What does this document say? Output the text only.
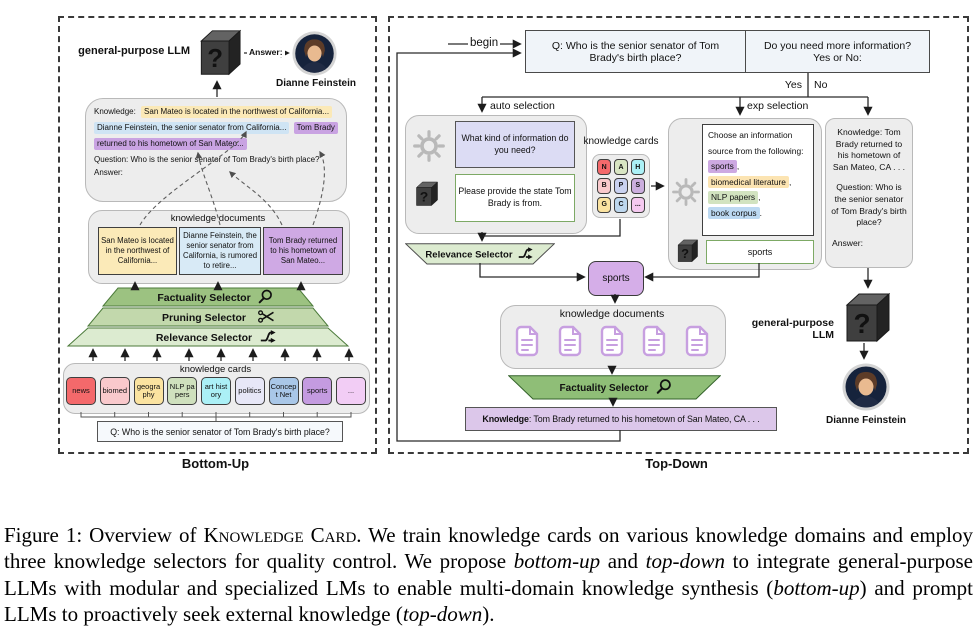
general-purpose LLM	Answer:
Dianne Feinstein
Knowledge: San Mateo is located in the northwest of California...
Dianne Feinstein, the senior senator from California... Tom Brady
returned to his hometown of San Mateo...
Question: Who is the senior senator of Tom Brady's birth place?
Answer:
knowledge documents
San Mateo is located in the northwest of California...
Dianne Feinstein, the senior senator from California, is rumored to retire...
Tom Brady returned to his hometown of San Mateo...
Factuality Selector
Pruning Selector
Relevance Selector
knowledge cards
news	biomed	geography
NLP papers
art history	politics	Concept Net	sports	...
Q: Who is the senior senator of Tom Brady's birth place?
Bottom-Up
begin	Q: Who is the senior senator of Tom Brady's birth place?
Do you need more information?
Yes or No:
Yes No
auto selection	exp selection
What kind of information do you need?
Please provide the state Tom Brady is from.
knowledge cards
N	A	H
B	P	S
G	C	...
Choose an information source from the following: sports , biomedical literature , NLP papers , book corpus .
sports
Knowledge: Tom Brady returned to his hometown of San Mateo, CA . . .
Question: Who is the senior senator of Tom Brady's birth place?
Answer:
Relevance Selector
sports
knowledge documents
general-purpose LLM
Dianne Feinstein
Factuality Selector
Knowledge : Tom Brady returned to his hometown of San Mateo, CA . . .
Top-Down

Figure 1: Overview of Knowledge Card. We train knowledge cards on various knowledge domains and employ three knowledge selectors for quality control. We propose bottom-up and top-down to integrate general-purpose LLMs with modular and specialized LMs to enable multi-domain knowledge synthesis (bottom-up) and prompt LLMs to proactively seek external knowledge (top-down).
